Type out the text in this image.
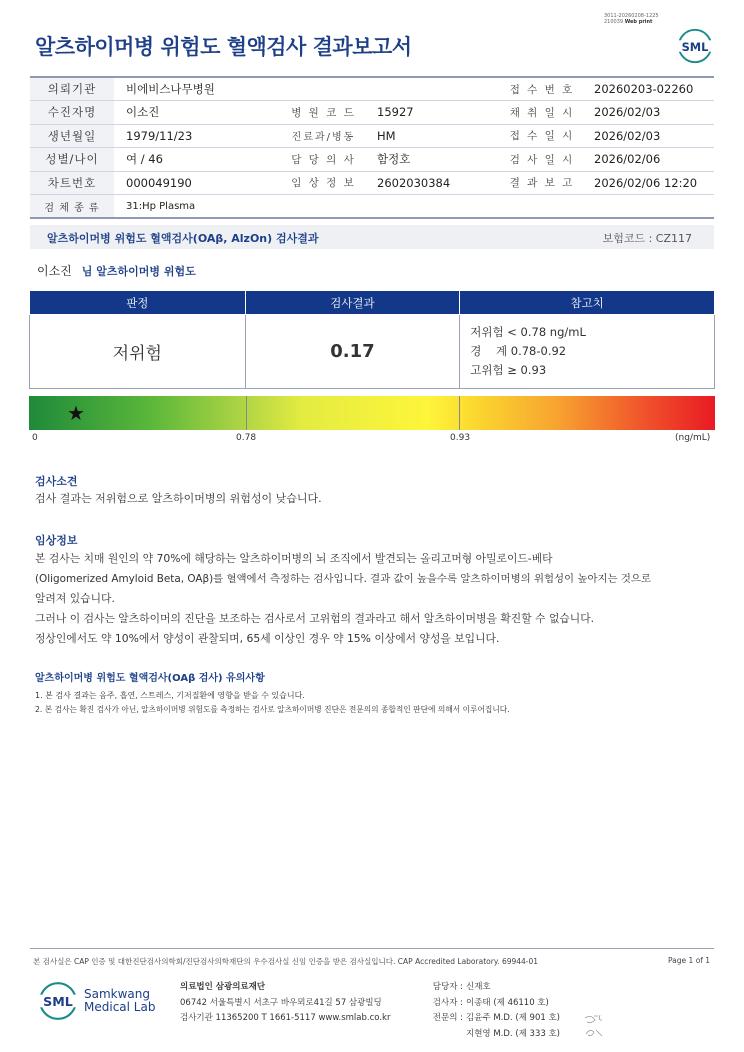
3011-20260208-1225
210039 Web print
알츠하이머병 위험도 혈액검사 결과보고서	SML
의뢰기관	비에비스나무병원			접 수 번 호	20260203-02260
수진자명	이소진	병 원 코 드	15927	채 취 일 시	2026/02/03
생년월일	1979/11/23	진료과/병동	HM	접 수 일 시	2026/02/03
성별/나이	여 / 46	담 당 의 사	함정호	검 사 일 시	2026/02/06
차트번호	000049190	임 상 정 보	2602030384	결 과 보 고	2026/02/06 12:20
검 체 종 류	31:Hp Plasma				
알츠하이머병 위험도 혈액검사(OAβ, AlzOn) 검사결과	보험코드 : CZ117
이소진 님 알츠하이머병 위험도
판정	검사결과	참고치
저위험	0.17	저위험 < 0.78 ng/mL
경    계 0.78-0.92
고위험 ≥ 0.93
★
0	0.78	0.93	(ng/mL)
검사소견
검사 결과는 저위험으로 알츠하이머병의 위험성이 낮습니다.
임상정보
본 검사는 치매 원인의 약 70%에 해당하는 알츠하이머병의 뇌 조직에서 발견되는 올리고머형 아밀로이드-베타
(Oligomerized Amyloid Beta, OAβ)를 혈액에서 측정하는 검사입니다. 결과 값이 높을수록 알츠하이머병의 위험성이 높아지는 것으로
알려져 있습니다.
그러나 이 검사는 알츠하이머의 진단을 보조하는 검사로서 고위험의 결과라고 해서 알츠하이머병을 확진할 수 없습니다.
정상인에서도 약 10%에서 양성이 관찰되며, 65세 이상인 경우 약 15% 이상에서 양성을 보입니다.
알츠하이머병 위험도 혈액검사(OAβ 검사) 유의사항
1. 본 검사 결과는 음주, 흡연, 스트레스, 기저질환에 영향을 받을 수 있습니다.
2. 본 검사는 확진 검사가 아닌, 알츠하이머병 위험도를 측정하는 검사로 알츠하이머병 진단은 전문의의 종합적인 판단에 의해서 이루어집니다.
본 검사실은 CAP 인증 및 대한진단검사의학회/진단검사의학재단의 우수검사실 신임 인증을 받은 검사실입니다. CAP Accredited Laboratory. 69944-01	Page 1 of 1
SML
Samkwang
Medical Lab
의료법인 삼광의료재단
06742 서울특별시 서초구 바우뫼로41길 57 삼광빌딩
검사기관 11365200 T 1661-5117 www.smlab.co.kr
담당자 : 신재호
검사자 : 이종태 (제 46110 호)
전문의 : 김윤주 M.D. (제 901 호)
지현영 M.D. (제 333 호)
